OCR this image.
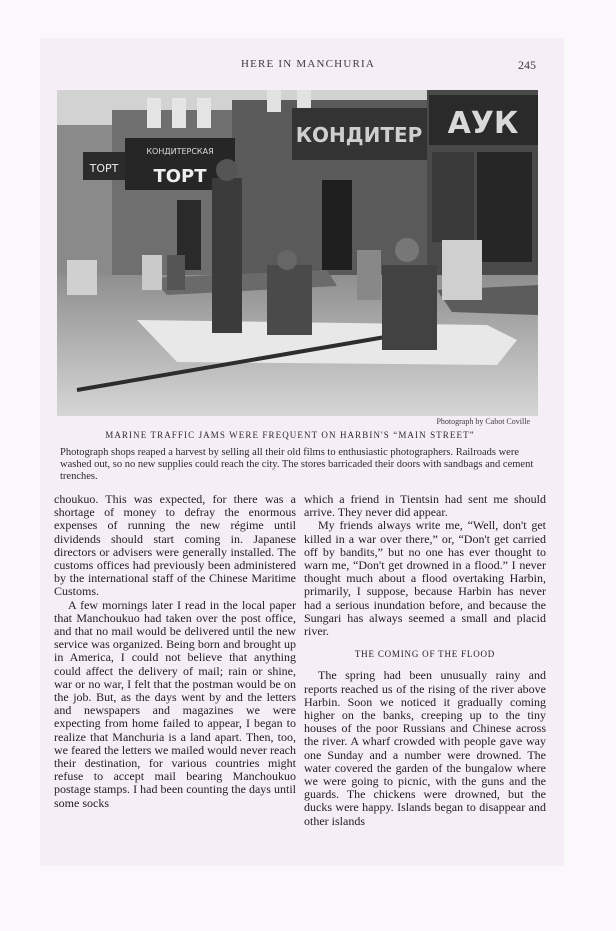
HERE IN MANCHURIA	245
ТОРТ
КОНДИТЕРСКАЯ
ТОРТ
КОНДИТЕР АУК
Photograph by Cabot Coville
MARINE TRAFFIC JAMS WERE FREQUENT ON HARBIN'S “MAIN STREET”
Photograph shops reaped a harvest by selling all their old films to enthusiastic photographers. Railroads were washed out, so no new supplies could reach the city. The stores barricaded their doors with sandbags and cement trenches.

choukuo. This was expected, for there was a shortage of money to defray the enormous expenses of running the new régime until dividends should start coming in. Japanese directors or advisers were generally installed. The customs offices had previously been administered by the international staff of the Chinese Maritime Customs.

A few mornings later I read in the local paper that Manchoukuo had taken over the post office, and that no mail would be delivered until the new service was organized. Being born and brought up in America, I could not believe that anything could affect the delivery of mail; rain or shine, war or no war, I felt that the postman would be on the job. But, as the days went by and the letters and newspapers and magazines we were expecting from home failed to appear, I began to realize that Manchuria is a land apart. Then, too, we feared the letters we mailed would never reach their destination, for various countries might refuse to accept mail bearing Manchoukuo postage stamps. I had been counting the days until some socks

which a friend in Tientsin had sent me should arrive. They never did appear.

My friends always write me, “Well, don't get killed in a war over there,” or, “Don't get carried off by bandits,” but no one has ever thought to warn me, “Don't get drowned in a flood.” I never thought much about a flood overtaking Harbin, primarily, I suppose, because Harbin has never had a serious inundation before, and because the Sungari has always seemed a small and placid river.

THE COMING OF THE FLOOD

The spring had been unusually rainy and reports reached us of the rising of the river above Harbin. Soon we noticed it gradually coming higher on the banks, creeping up to the tiny houses of the poor Russians and Chinese across the river. A wharf crowded with people gave way one Sunday and a number were drowned. The water covered the garden of the bungalow where we were going to picnic, with the guns and the guards. The chickens were drowned, but the ducks were happy. Islands began to disappear and other islands
